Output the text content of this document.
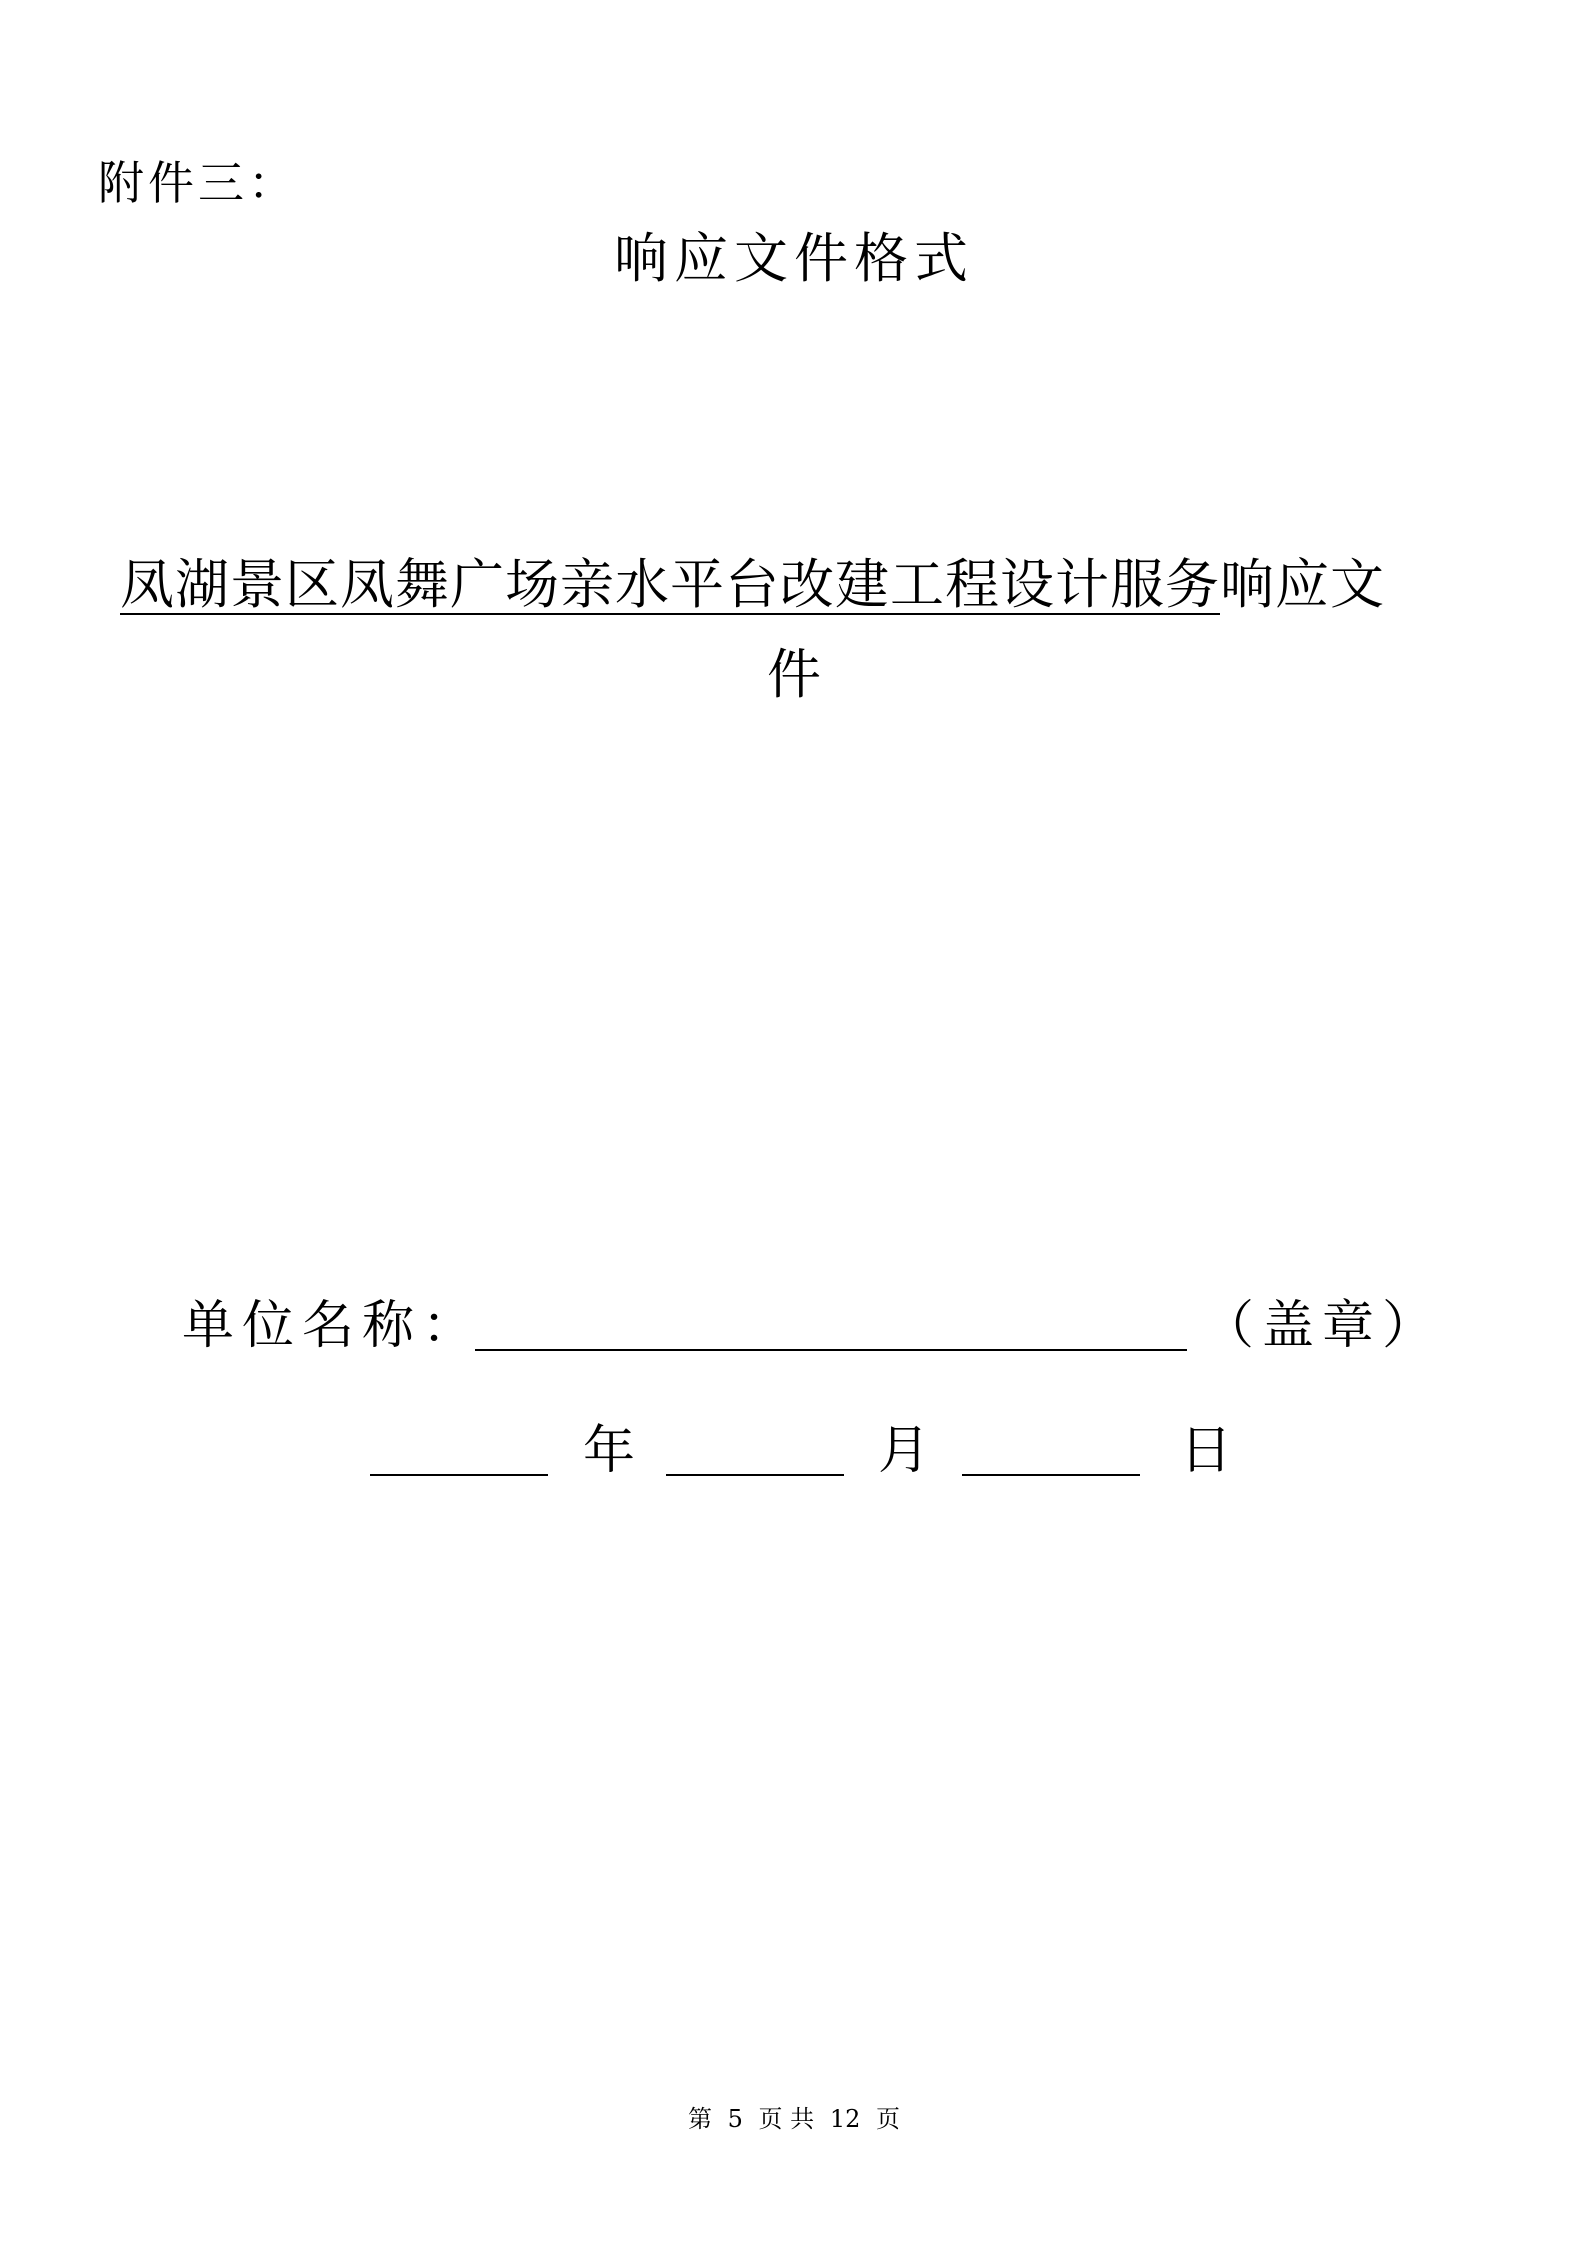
附件三：
响应文件格式
凤湖景区凤舞广场亲水平台改建工程设计服务响应文
件
单位名称：	（盖章）
年	月	日
第 5 页 共 12 页
